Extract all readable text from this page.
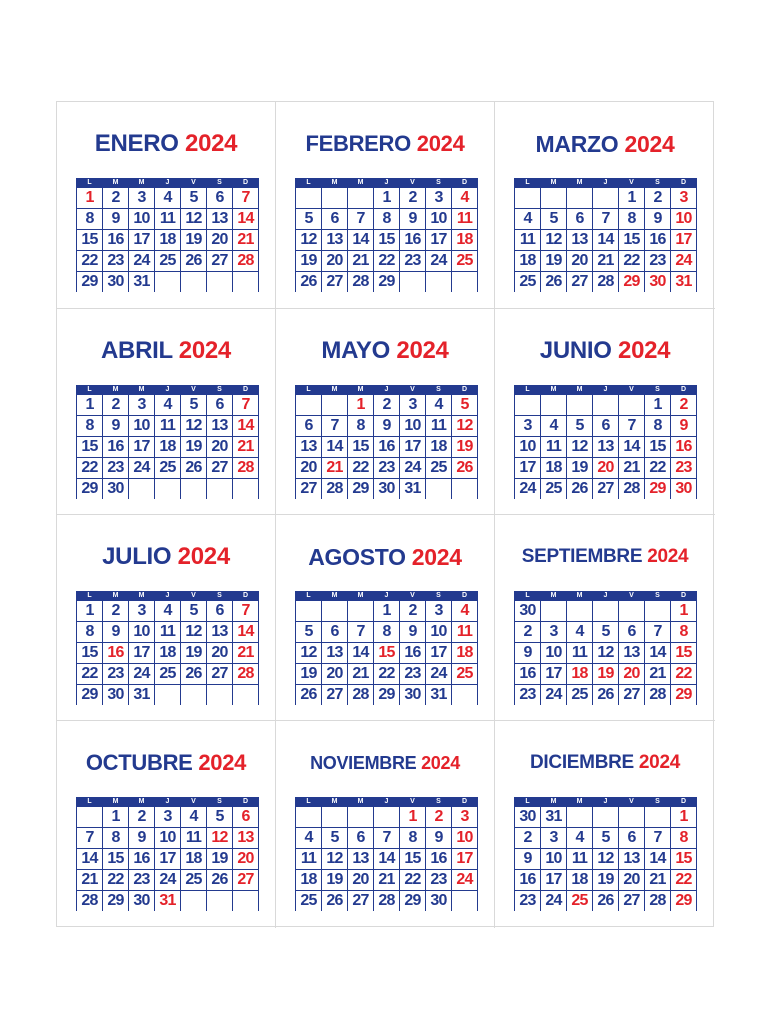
ENERO 2024
L	M	M	J	V	S	D
1	2	3	4	5	6	7
8	9	10	11	12	13	14
15	16	17	18	19	20	21
22	23	24	25	26	27	28
29	30	31				
FEBRERO 2024
L	M	M	J	V	S	D
			1	2	3	4
5	6	7	8	9	10	11
12	13	14	15	16	17	18
19	20	21	22	23	24	25
26	27	28	29			
MARZO 2024
L	M	M	J	V	S	D
				1	2	3
4	5	6	7	8	9	10
11	12	13	14	15	16	17
18	19	20	21	22	23	24
25	26	27	28	29	30	31
ABRIL 2024
L	M	M	J	V	S	D
1	2	3	4	5	6	7
8	9	10	11	12	13	14
15	16	17	18	19	20	21
22	23	24	25	26	27	28
29	30					
MAYO 2024
L	M	M	J	V	S	D
		1	2	3	4	5
6	7	8	9	10	11	12
13	14	15	16	17	18	19
20	21	22	23	24	25	26
27	28	29	30	31		
JUNIO 2024
L	M	M	J	V	S	D
					1	2
3	4	5	6	7	8	9
10	11	12	13	14	15	16
17	18	19	20	21	22	23
24	25	26	27	28	29	30
JULIO 2024
L	M	M	J	V	S	D
1	2	3	4	5	6	7
8	9	10	11	12	13	14
15	16	17	18	19	20	21
22	23	24	25	26	27	28
29	30	31				
AGOSTO 2024
L	M	M	J	V	S	D
			1	2	3	4
5	6	7	8	9	10	11
12	13	14	15	16	17	18
19	20	21	22	23	24	25
26	27	28	29	30	31	
SEPTIEMBRE 2024
L	M	M	J	V	S	D
30						1
2	3	4	5	6	7	8
9	10	11	12	13	14	15
16	17	18	19	20	21	22
23	24	25	26	27	28	29
OCTUBRE 2024
L	M	M	J	V	S	D
	1	2	3	4	5	6
7	8	9	10	11	12	13
14	15	16	17	18	19	20
21	22	23	24	25	26	27
28	29	30	31			
NOVIEMBRE 2024
L	M	M	J	V	S	D
				1	2	3
4	5	6	7	8	9	10
11	12	13	14	15	16	17
18	19	20	21	22	23	24
25	26	27	28	29	30	
DICIEMBRE 2024
L	M	M	J	V	S	D
30	31					1
2	3	4	5	6	7	8
9	10	11	12	13	14	15
16	17	18	19	20	21	22
23	24	25	26	27	28	29
